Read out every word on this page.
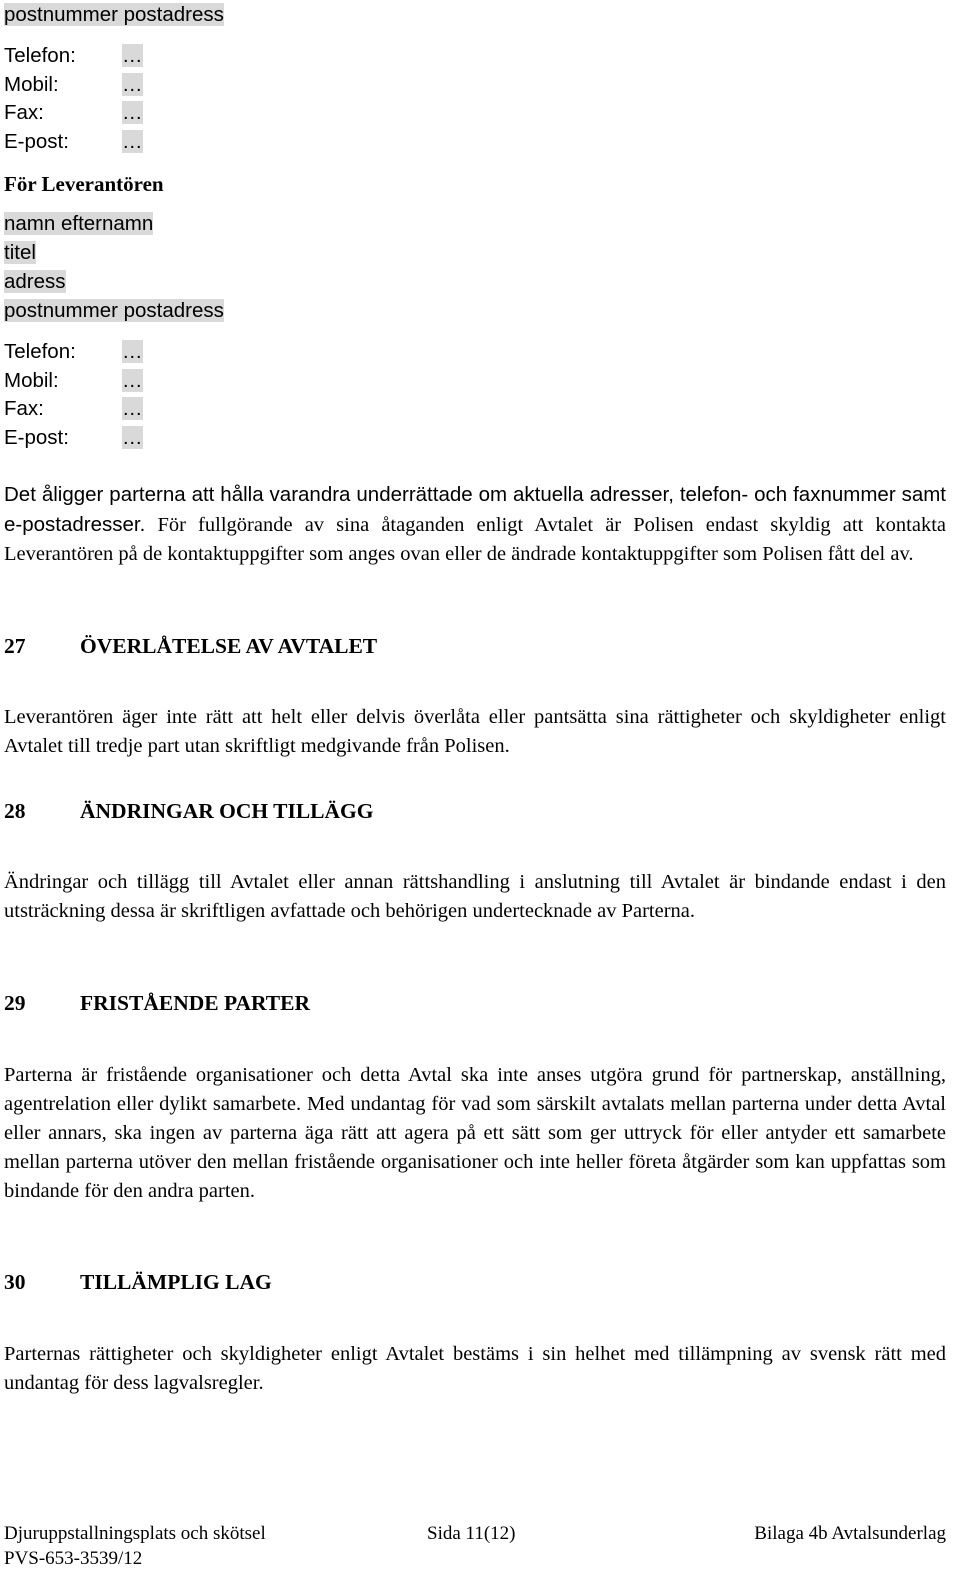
postnummer postadress
Telefon: …
Mobil:	…
Fax:	…
E-post:	…
För Leverantören
namn efternamn
titel
adress
postnummer postadress
Telefon: …
Mobil:	…
Fax:	…
E-post:	…

Det åligger parterna att hålla varandra underrättade om aktuella adresser, telefon- och faxnummer samt e-postadresser. För fullgörande av sina åtaganden enligt Avtalet är Polisen endast skyldig att kontakta Leverantören på de kontaktuppgifter som anges ovan eller de ändrade kontaktuppgifter som Polisen fått del av.

27	ÖVERLÅTELSE AV AVTALET

Leverantören äger inte rätt att helt eller delvis överlåta eller pantsätta sina rättigheter och skyldigheter enligt Avtalet till tredje part utan skriftligt medgivande från Polisen.

28	ÄNDRINGAR OCH TILLÄGG

Ändringar och tillägg till Avtalet eller annan rättshandling i anslutning till Avtalet är bindande endast i den utsträckning dessa är skriftligen avfattade och behörigen undertecknade av Parterna.

29	FRISTÅENDE PARTER

Parterna är fristående organisationer och detta Avtal ska inte anses utgöra grund för partnerskap, anställning, agentrelation eller dylikt samarbete. Med undantag för vad som särskilt avtalats mellan parterna under detta Avtal eller annars, ska ingen av parterna äga rätt att agera på ett sätt som ger uttryck för eller antyder ett samarbete mellan parterna utöver den mellan fristående organisationer och inte heller företa åtgärder som kan uppfattas som bindande för den andra parten.

30	TILLÄMPLIG LAG

Parternas rättigheter och skyldigheter enligt Avtalet bestäms i sin helhet med tillämpning av svensk rätt med undantag för dess lagvalsregler.

Djuruppstallningsplats och skötsel	Sida 11(12)	Bilaga 4b Avtalsunderlag
PVS-653-3539/12
